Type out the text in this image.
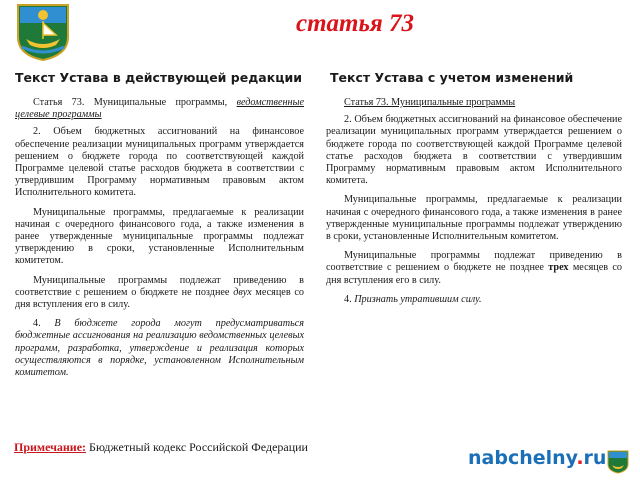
статья 73
Текст Устава в действующей редакции

Статья 73. Муниципальные программы, ведомственные целевые программы

2. Объем бюджетных ассигнований на финансовое обеспечение реализации муниципальных программ утверждается решением о бюджете города по соответствующей каждой Программе целевой статье расходов бюджета в соответствии с утвердившим Программу нормативным правовым актом Исполнительного комитета.

Муниципальные программы, предлагаемые к реализации начиная с очередного финансового года, а также изменения в ранее утвержденные муниципальные программы подлежат утверждению в сроки, установленные Исполнительным комитетом.

Муниципальные программы подлежат приведению в соответствие с решением о бюджете не позднее двух месяцев со дня вступления его в силу.

4. В бюджете города могут предусматриваться бюджетные ассигнования на реализацию ведомственных целевых программ, разработка, утверждение и реализация которых осуществляются в порядке, установленном Исполнительным комитетом.

Текст Устава с учетом изменений

Статья 73. Муниципальные программы

2. Объем бюджетных ассигнований на финансовое обеспечение реализации муниципальных программ утверждается решением о бюджете города по соответствующей каждой Программе целевой статье расходов бюджета в соответствии с утвердившим Программу нормативным правовым актом Исполнительного комитета.

Муниципальные программы, предлагаемые к реализации начиная с очередного финансового года, а также изменения в ранее утвержденные муниципальные программы подлежат утверждению в сроки, установленные Исполнительным комитетом.

Муниципальные программы подлежат приведению в соответствие с решением о бюджете не позднее трех месяцев со дня вступления его в силу.

4. Признать утратившим силу.

Примечание: Бюджетный кодекс Российской Федерации	nabchelny.ru
